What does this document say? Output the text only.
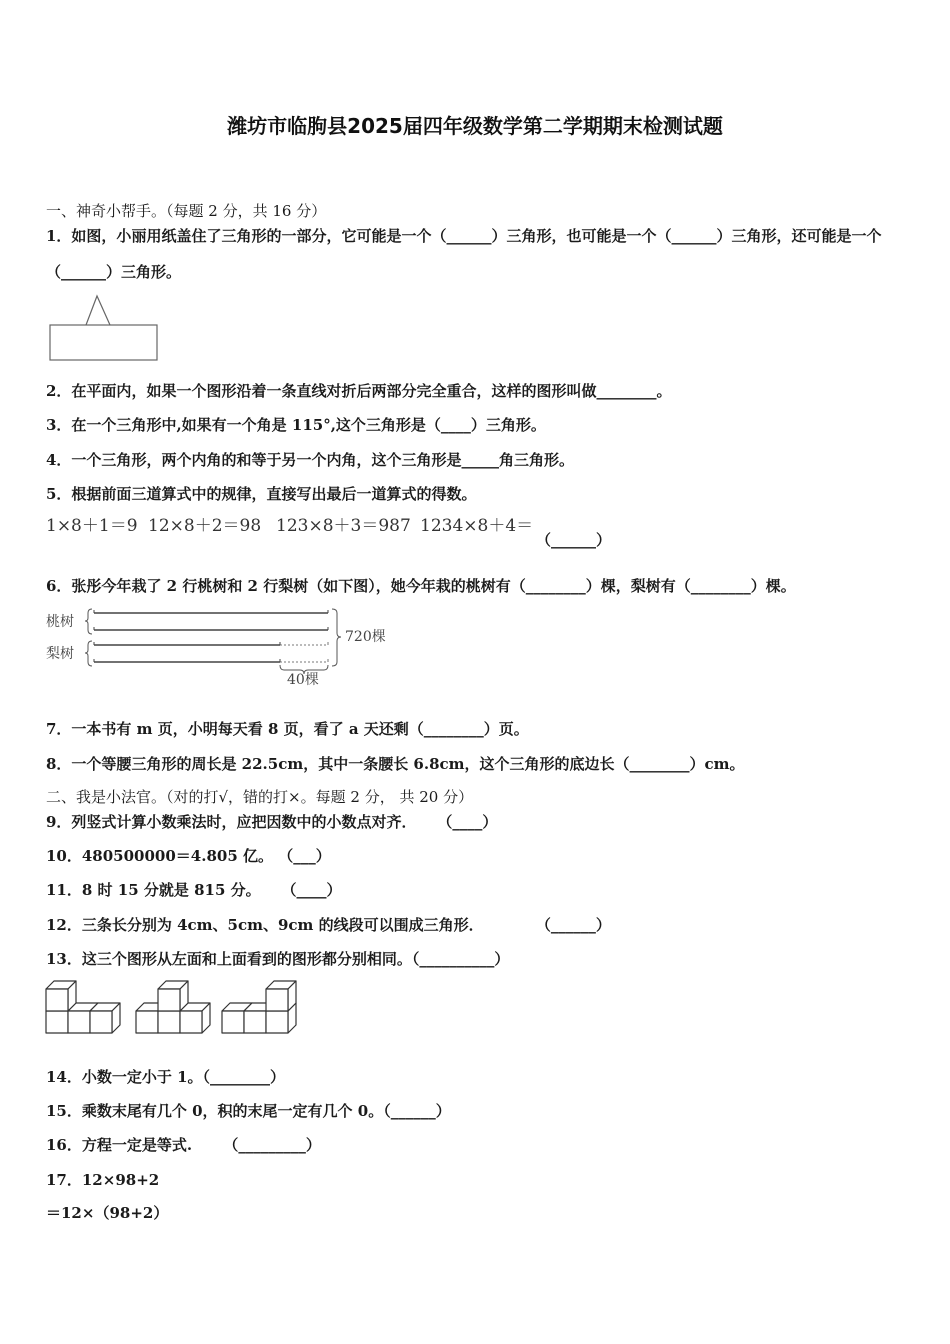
潍坊市临朐县2025届四年级数学第二学期期末检测试题
一、神奇小帮手。（每题 2 分，共 16 分）
1．如图，小丽用纸盖住了三角形的一部分，它可能是一个（______）三角形，也可能是一个（______）三角形，还可能是一个（______）三角形。
2．在平面内，如果一个图形沿着一条直线对折后两部分完全重合，这样的图形叫做________。
3．在一个三角形中,如果有一个角是 115°,这个三角形是（____）三角形。
4．一个三角形，两个内角的和等于另一个内角，这个三角形是_____角三角形。
5．根据前面三道算式中的规律，直接写出最后一道算式的得数。
1×8＋1＝9 12×8＋2＝98 123×8＋3＝987 1234×8＋4＝
（______）
6．张彤今年栽了 2 行桃树和 2 行梨树（如下图），她今年栽的桃树有（________）棵，梨树有（________）棵。
桃树
梨树
720棵
40棵
7．一本书有 m 页，小明每天看 8 页，看了 a 天还剩（________）页。
8．一个等腰三角形的周长是 22.5cm，其中一条腰长 6.8cm，这个三角形的底边长（________）cm。
二、我是小法官。（对的打√，错的打×。每题 2 分， 共 20 分）
9．列竖式计算小数乘法时，应把因数中的小数点对齐．    （____）
10．480500000＝4.805 亿。 （___）
11．8 时 15 分就是 815 分。    （____）
12．三条长分别为 4cm、5cm、9cm 的线段可以围成三角形．          （______）
13．这三个图形从左面和上面看到的图形都分别相同。（__________）
14．小数一定小于 1。（________）
15．乘数末尾有几个 0，积的末尾一定有几个 0。（______）
16．方程一定是等式.      （_________）
17．12×98+2
＝12×（98+2）
